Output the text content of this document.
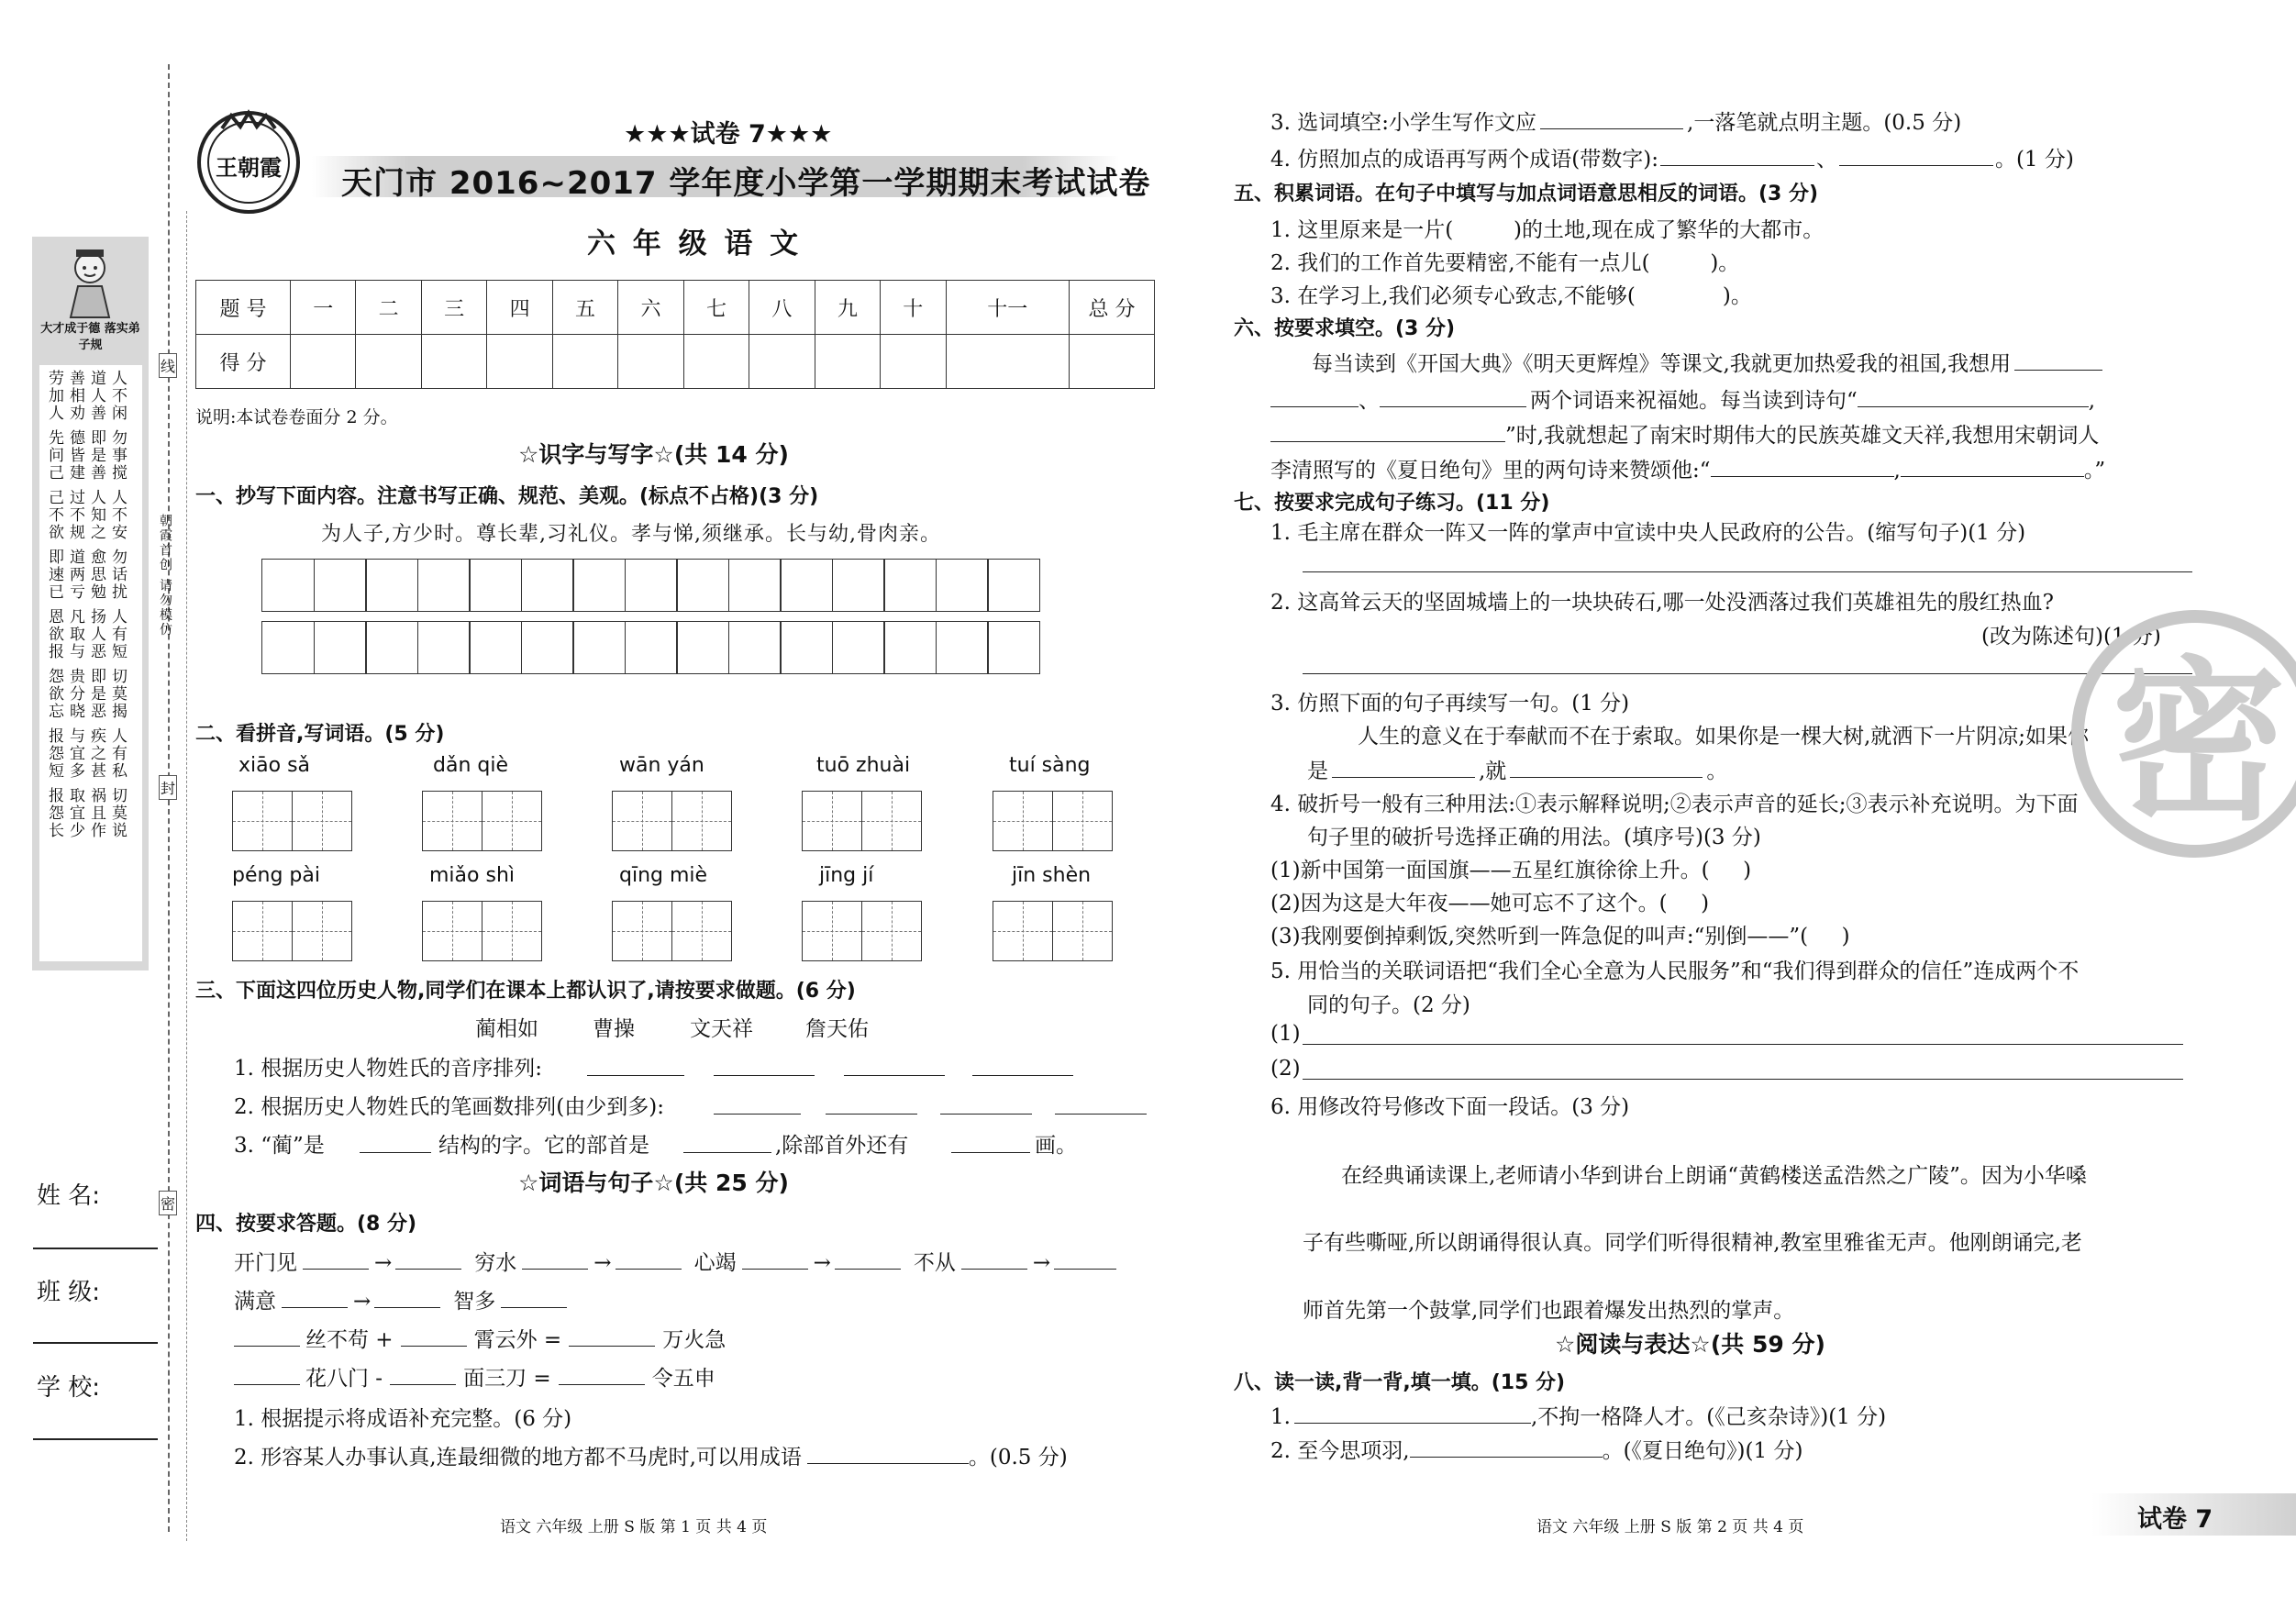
大才成于德 落实弟子规
劳善道人
加相人不
人劝善闲
先德即勿
问皆是事
己建善搅
己过人人
不不知不
欲规之安
即道愈勿
速两思话
已亏勉扰
恩凡扬人
欲取人有
报与恶短
怨贵即切
欲分是莫
忘晓恶揭
报与疾人
怨宜之有
短多甚私
报取祸切
怨宜且莫
长少作说
朝霞首创 请勿模仿
线
封
密
姓 名:
班 级:
学 校:
王朝霞
★★★试卷 7★★★
天门市 2016~2017 学年度小学第一学期期末考试试卷
六 年 级 语 文
题 号	一	二	三	四	五	六	七	八	九	十	十一	总 分
得 分												
说明:本试卷卷面分 2 分。
☆识字与写字☆(共 14 分)
一、抄写下面内容。注意书写正确、规范、美观。(标点不占格)(3 分)
为人子,方少时。尊长辈,习礼仪。孝与悌,须继承。长与幼,骨肉亲。
二、看拼音,写词语。(5 分)
xiāo sǎ	dǎn qiè	wān yán	tuō zhuài	tuí sàng
péng pài	miǎo shì	qīng miè	jīng jí	jīn shèn
三、下面这四位历史人物,同学们在课本上都认识了,请按要求做题。(6 分)
蔺相如	曹操	文天祥 詹天佑
1. 根据历史人物姓氏的音序排列:
2. 根据历史人物姓氏的笔画数排列(由少到多):
3. “蔺”是	结构的字。它的部首是	,除部首外还有	画。
☆词语与句子☆(共 25 分)
四、按要求答题。(8 分)
开门见	→	穷水	→	心竭	→	不从	→
满意	→	智多
丝不苟 +	霄云外 =	万火急
花八门 -	面三刀 =	令五申
1. 根据提示将成语补充完整。(6 分)
2. 形容某人办事认真,连最细微的地方都不马虎时,可以用成语	。(0.5 分)
语文 六年级 上册 S 版 第 1 页 共 4 页
3. 选词填空:小学生写作文应	,一落笔就点明主题。(0.5 分)
4. 仿照加点的成语再写两个成语(带数字):	、	。(1 分)
五、积累词语。在句子中填写与加点词语意思相反的词语。(3 分)
1. 这里原来是一片(         )的土地,现在成了繁华的大都市。
2. 我们的工作首先要精密,不能有一点儿(         )。
3. 在学习上,我们必须专心致志,不能够(             )。
六、按要求填空。(3 分)
每当读到《开国大典》《明天更辉煌》等课文,我就更加热爱我的祖国,我想用
、	两个词语来祝福她。每当读到诗句“	,
”时,我就想起了南宋时期伟大的民族英雄文天祥,我想用宋朝词人
李清照写的《夏日绝句》里的两句诗来赞颂他:“	,	。”
七、按要求完成句子练习。(11 分)
1. 毛主席在群众一阵又一阵的掌声中宣读中央人民政府的公告。(缩写句子)(1 分)
2. 这高耸云天的坚固城墙上的一块块砖石,哪一处没洒落过我们英雄祖先的殷红热血?
(改为陈述句)(1 分)
3. 仿照下面的句子再续写一句。(1 分)
人生的意义在于奉献而不在于索取。如果你是一棵大树,就洒下一片阴凉;如果你
是	,就	。
4. 破折号一般有三种用法:①表示解释说明;②表示声音的延长;③表示补充说明。为下面
句子里的破折号选择正确的用法。(填序号)(3 分)
(1)新中国第一面国旗——五星红旗徐徐上升。(     )
(2)因为这是大年夜——她可忘不了这个。(     )
(3)我刚要倒掉剩饭,突然听到一阵急促的叫声:“别倒——”(     )
5. 用恰当的关联词语把“我们全心全意为人民服务”和“我们得到群众的信任”连成两个不
同的句子。(2 分)
(1)
(2)
6. 用修改符号修改下面一段话。(3 分)
在经典诵读课上,老师请小华到讲台上朗诵“黄鹤楼送孟浩然之广陵”。因为小华嗓
子有些嘶哑,所以朗诵得很认真。同学们听得很精神,教室里雅雀无声。他刚朗诵完,老
师首先第一个鼓掌,同学们也跟着爆发出热烈的掌声。
☆阅读与表达☆(共 59 分)
八、读一读,背一背,填一填。(15 分)
1.	,不拘一格降人才。(《己亥杂诗》)(1 分)
2. 至今思项羽,	。(《夏日绝句》)(1 分)
语文 六年级 上册 S 版 第 2 页 共 4 页	试卷 7
密
